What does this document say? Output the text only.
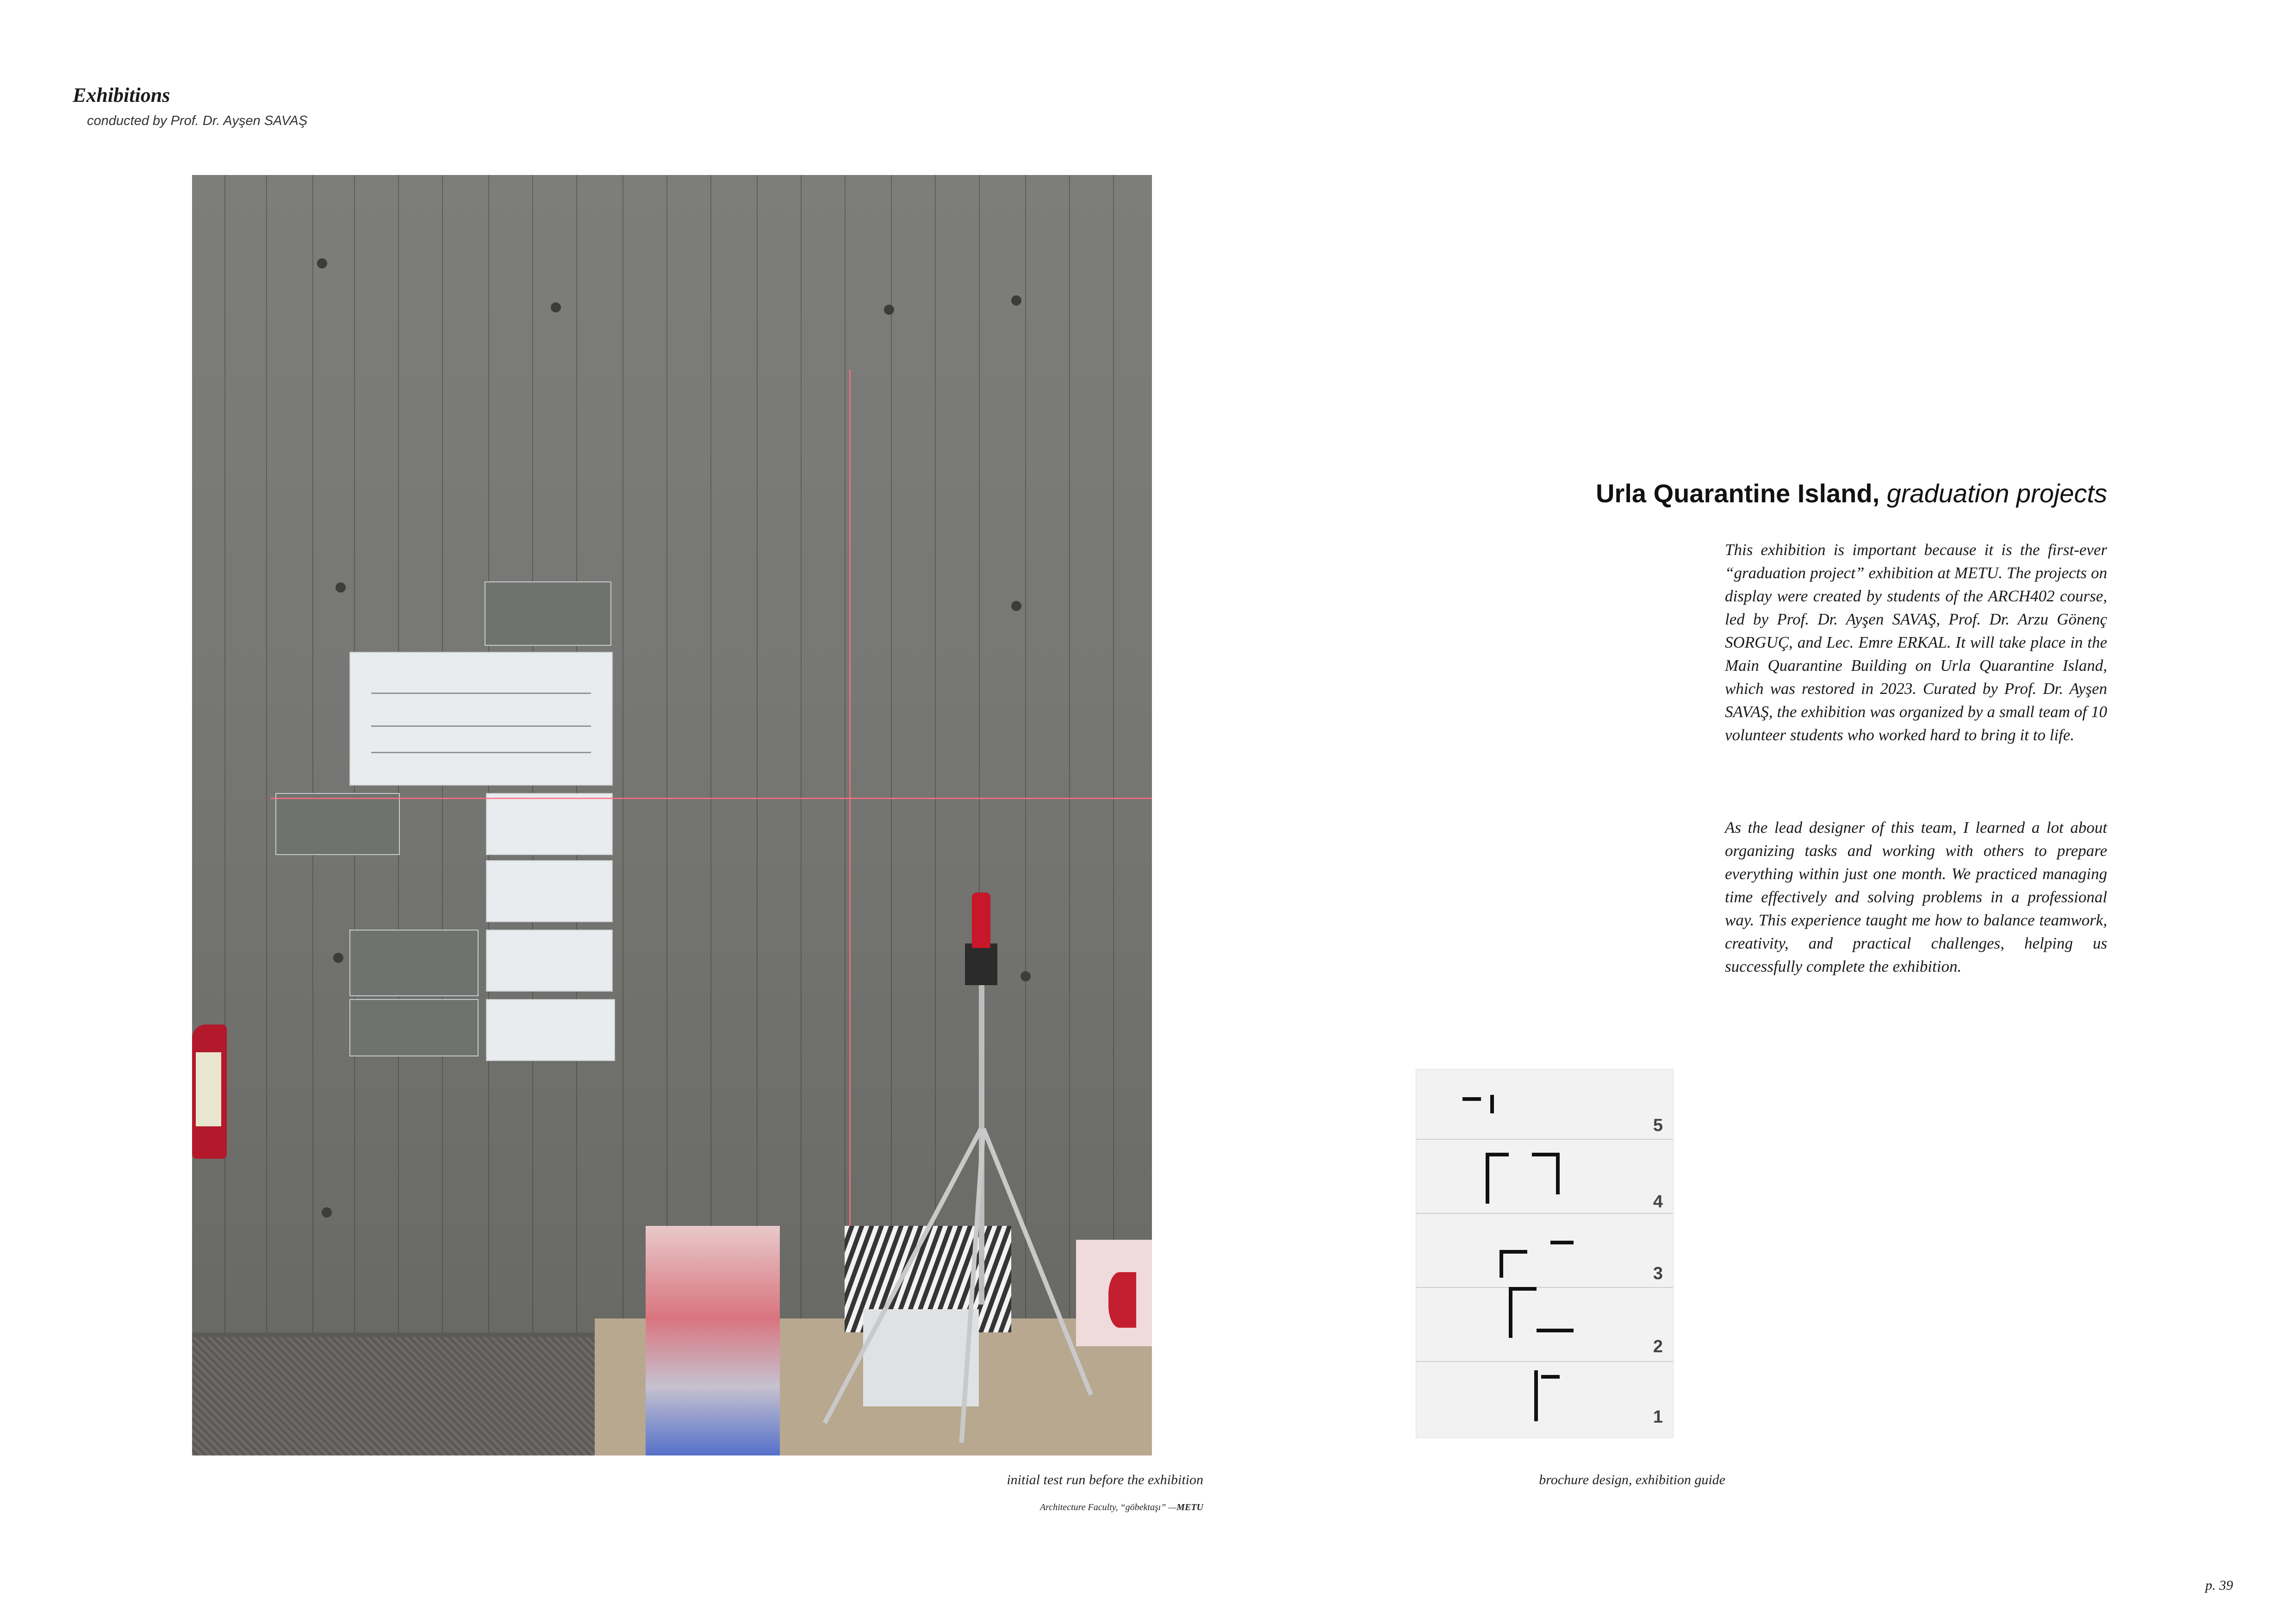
Exhibitions
conducted by Prof. Dr. Ayşen SAVAŞ
Urla Quarantine Island, graduation projects
This exhibition is important because it is the first-ever “graduation project” exhibition at METU. The projects on display were created by students of the ARCH402 course, led by Prof. Dr. Ayşen SAVAŞ, Prof. Dr. Arzu Gönenç SORGUÇ, and Lec. Emre ERKAL. It will take place in the Main Quarantine Building on Urla Quarantine Island, which was restored in 2023. Curated by Prof. Dr. Ayşen SAVAŞ, the exhibition was organized by a small team of 10 volunteer students who worked hard to bring it to life.
As the lead designer of this team, I learned a lot about organizing tasks and working with others to prepare everything within just one month. We practiced managing time effectively and solving problems in a professional way. This experience taught me how to balance teamwork, creativity, and practical challenges, helping us successfully complete the exhibition.
5
4
3
2
1
initial test run before the exhibition
Architecture Faculty, “göbektaşı” —METU
brochure design, exhibition guide
p. 39
